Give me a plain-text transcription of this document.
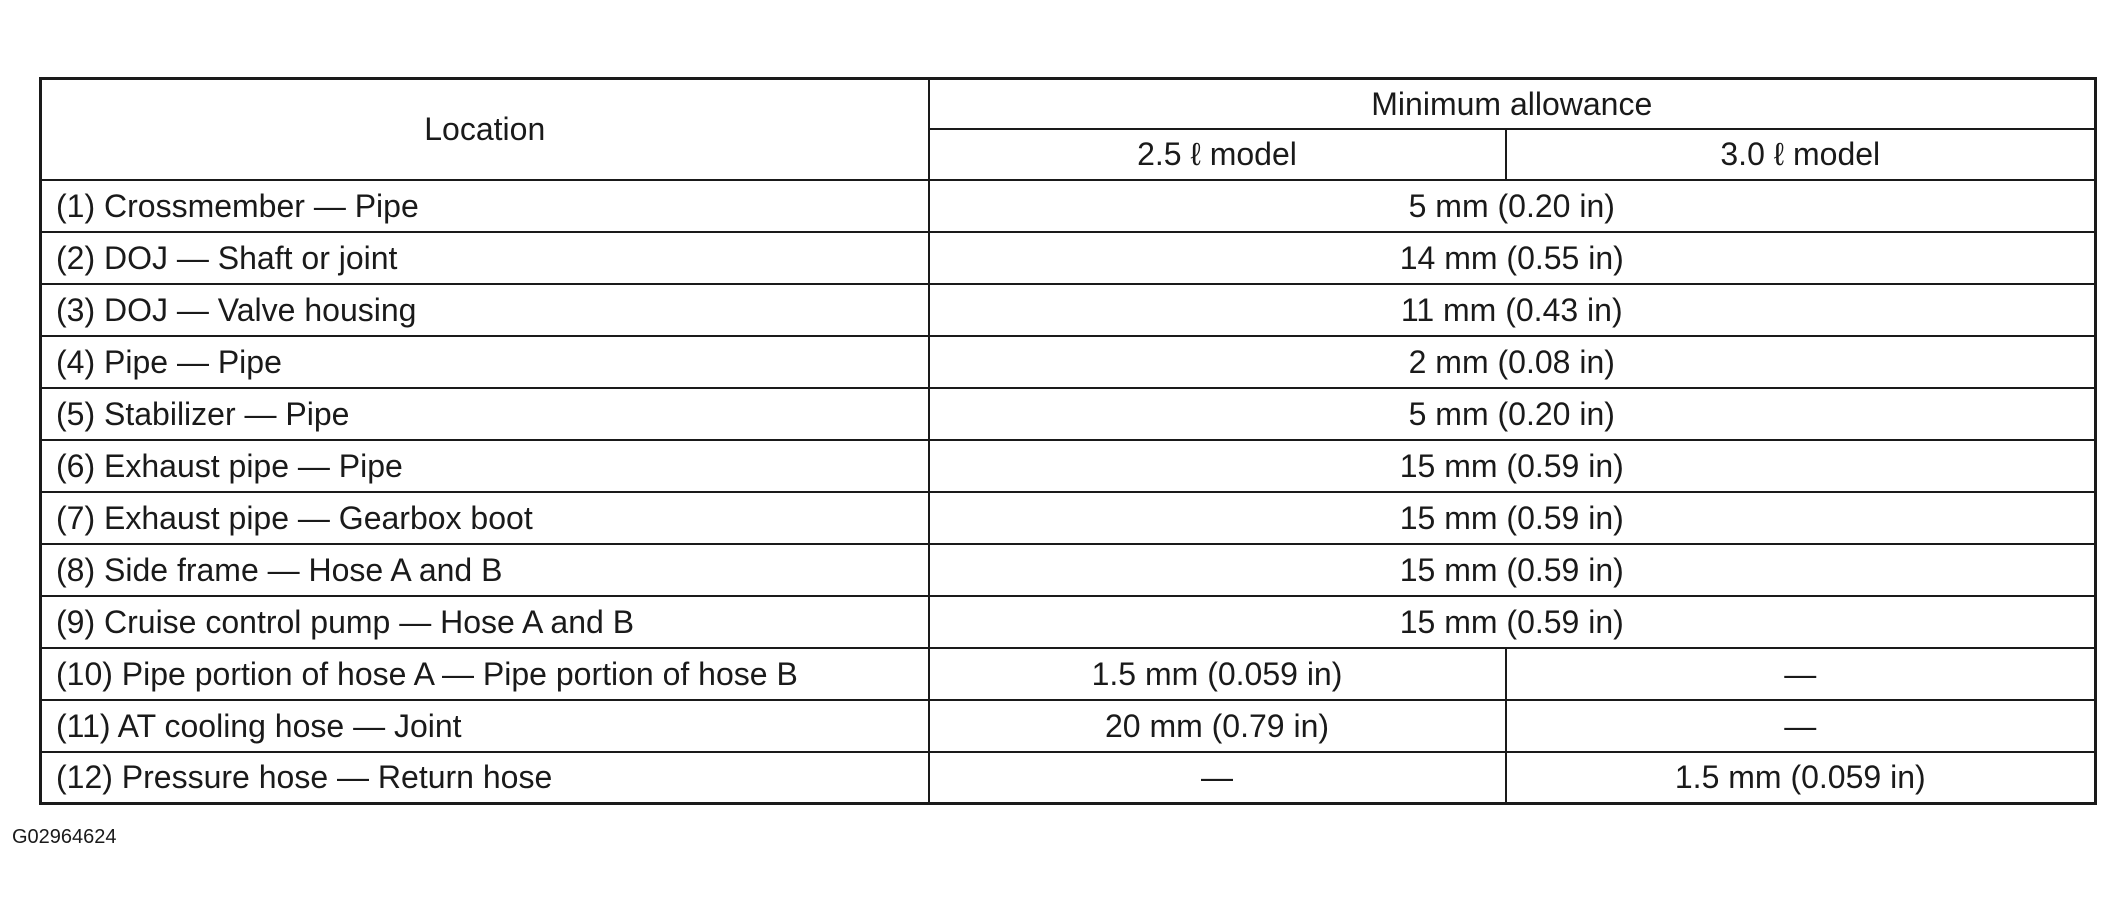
Location	Minimum allowance	
	2.5 ℓ model	3.0 ℓ model
(1) Crossmember — Pipe	5 mm (0.20 in)	
(2) DOJ — Shaft or joint	14 mm (0.55 in)	
(3) DOJ — Valve housing	11 mm (0.43 in)	
(4) Pipe — Pipe	2 mm (0.08 in)	
(5) Stabilizer — Pipe	5 mm (0.20 in)	
(6) Exhaust pipe — Pipe	15 mm (0.59 in)	
(7) Exhaust pipe — Gearbox boot	15 mm (0.59 in)	
(8) Side frame — Hose A and B	15 mm (0.59 in)	
(9) Cruise control pump — Hose A and B	15 mm (0.59 in)	
(10) Pipe portion of hose A — Pipe portion of hose B	1.5 mm (0.059 in)	—
(11) AT cooling hose — Joint	20 mm (0.79 in)	—
(12) Pressure hose — Return hose	—	1.5 mm (0.059 in)
G02964624
